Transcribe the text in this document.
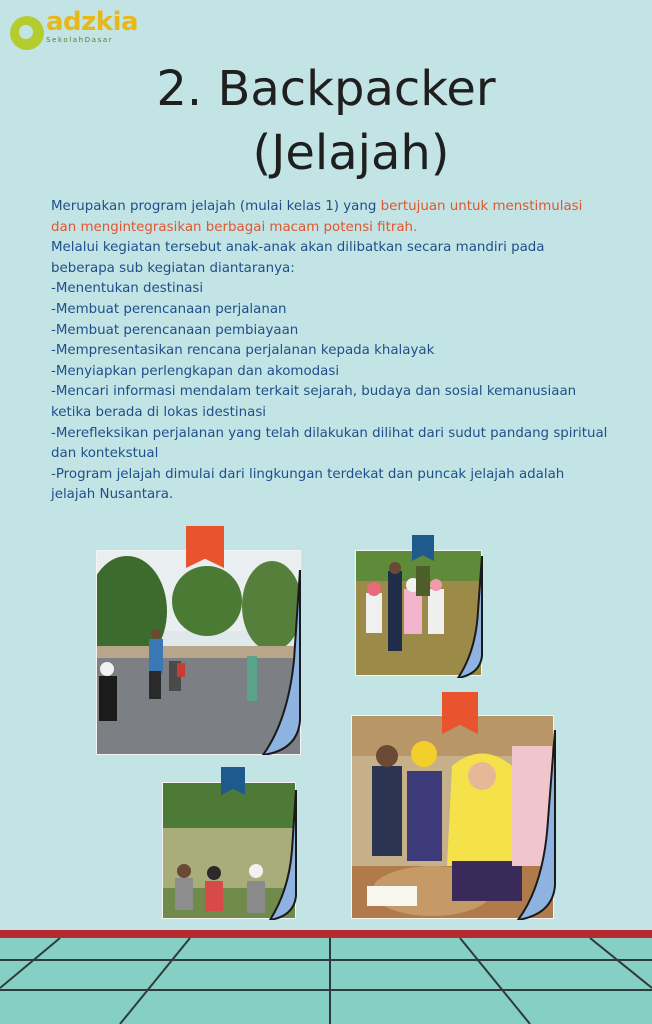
adzkia
SekolahDasar
2. Backpacker
(Jelajah)

Merupakan program jelajah (mulai kelas 1) yang bertujuan untuk menstimulasi dan mengintegrasikan berbagai macam potensi fitrah.

Melalui kegiatan tersebut anak-anak akan dilibatkan secara mandiri pada beberapa sub kegiatan diantaranya:

-Menentukan destinasi

-Membuat perencanaan perjalanan

-Membuat perencanaan pembiayaan

-Mempresentasikan rencana perjalanan kepada khalayak

-Menyiapkan perlengkapan dan akomodasi

-Mencari informasi mendalam terkait sejarah, budaya dan sosial kemanusiaan ketika berada di lokas idestinasi

-Merefleksikan perjalanan yang telah dilakukan dilihat dari sudut pandang spiritual dan kontekstual

-Program jelajah dimulai dari lingkungan terdekat dan puncak jelajah adalah jelajah Nusantara.
